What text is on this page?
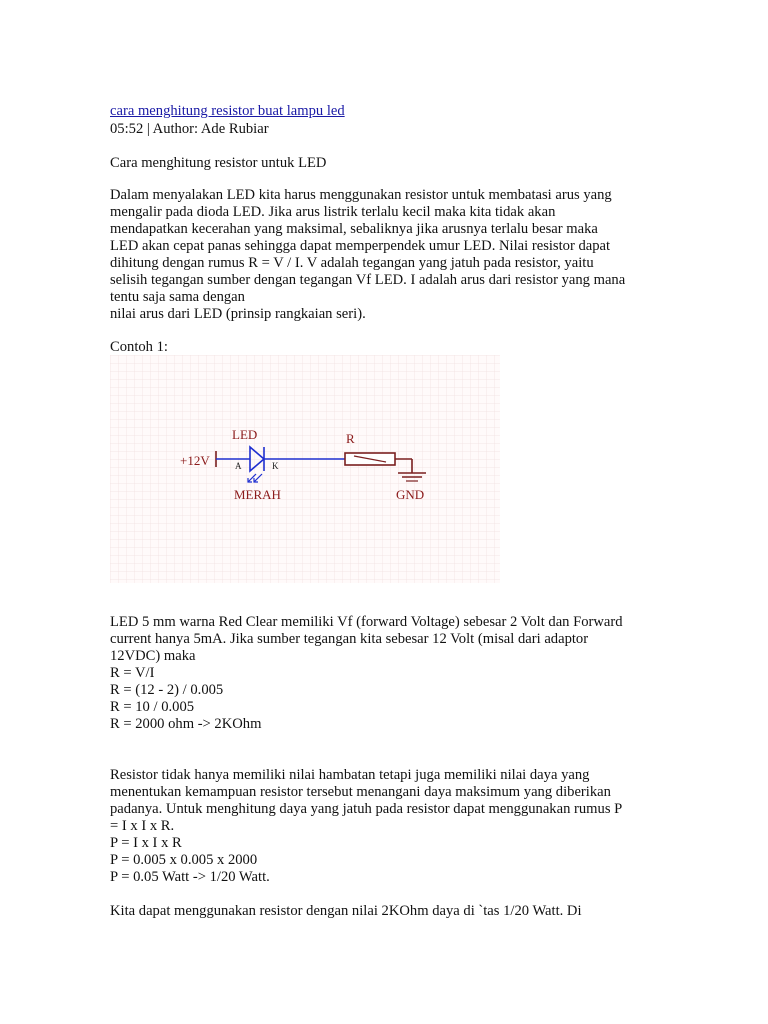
cara menghitung resistor buat lampu led
05:52 | Author: Ade Rubiar
Cara menghitung resistor untuk LED
Dalam menyalakan LED kita harus menggunakan resistor untuk membatasi arus yang
mengalir pada dioda LED. Jika arus listrik terlalu kecil maka kita tidak akan
mendapatkan kecerahan yang maksimal, sebaliknya jika arusnya terlalu besar maka
LED akan cepat panas sehingga dapat memperpendek umur LED. Nilai resistor dapat
dihitung dengan rumus R = V / I. V adalah tegangan yang jatuh pada resistor, yaitu
selisih tegangan sumber dengan tegangan Vf LED. I adalah arus dari resistor yang mana
tentu saja sama dengan
nilai arus dari LED (prinsip rangkaian seri).
Contoh 1:
+12V
LED
A	K
MERAH
R
GND
LED 5 mm warna Red Clear memiliki Vf (forward Voltage) sebesar 2 Volt dan Forward
current hanya 5mA. Jika sumber tegangan kita sebesar 12 Volt (misal dari adaptor
12VDC) maka
R = V/I
R = (12 - 2) / 0.005
R = 10 / 0.005
R = 2000 ohm -> 2KOhm
Resistor tidak hanya memiliki nilai hambatan tetapi juga memiliki nilai daya yang
menentukan kemampuan resistor tersebut menangani daya maksimum yang diberikan
padanya. Untuk menghitung daya yang jatuh pada resistor dapat menggunakan rumus P
= I x I x R.
P = I x I x R
P = 0.005 x 0.005 x 2000
P = 0.05 Watt -> 1/20 Watt.
Kita dapat menggunakan resistor dengan nilai 2KOhm daya di `tas 1/20 Watt. Di
